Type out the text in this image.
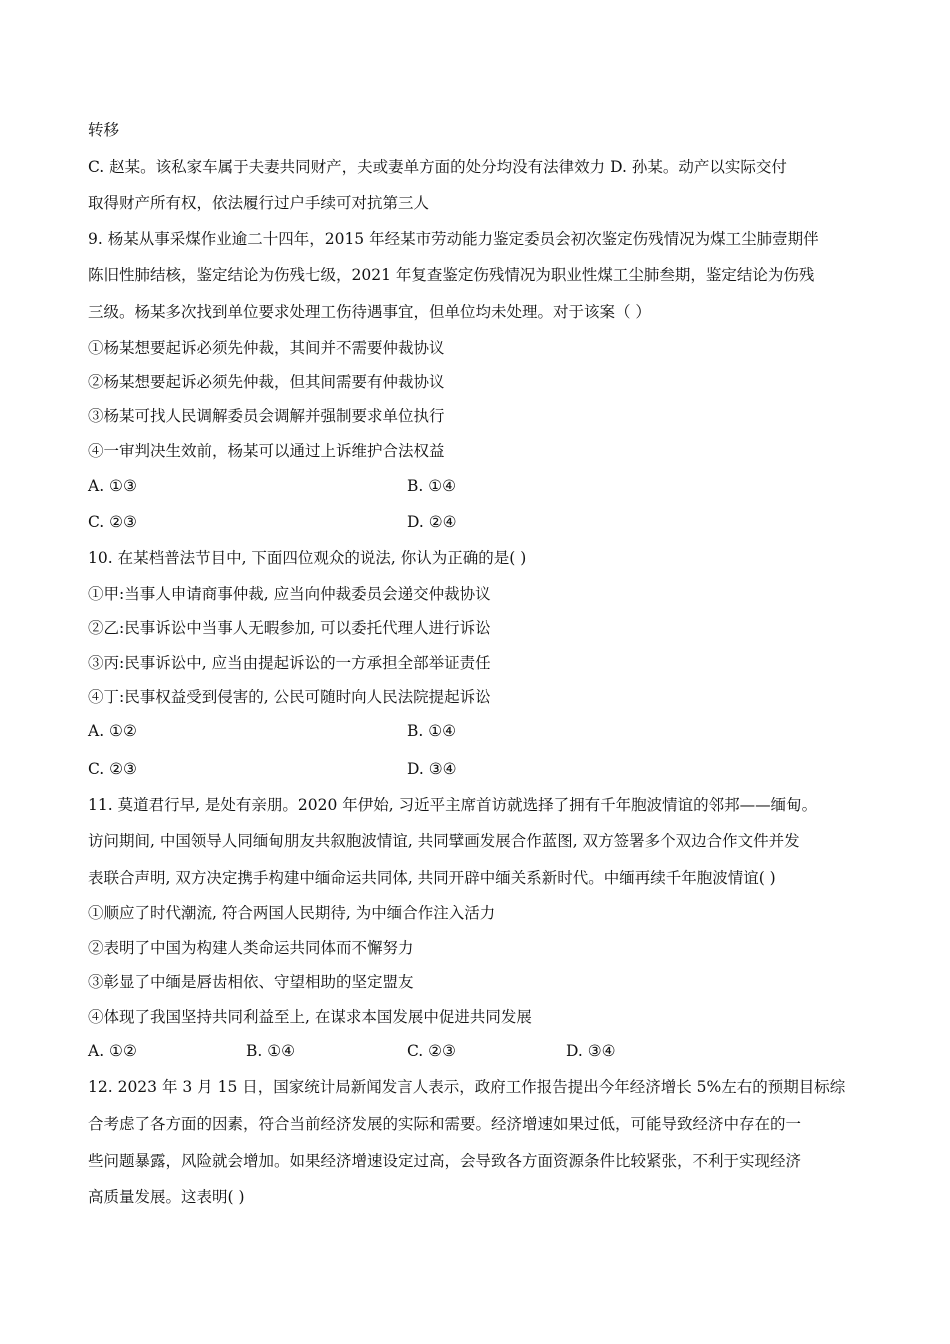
转移
C. 赵某。该私家车属于夫妻共同财产，夫或妻单方面的处分均没有法律效力 D. 孙某。动产以实际交付
取得财产所有权，依法履行过户手续可对抗第三人
9. 杨某从事采煤作业逾二十四年，2015 年经某市劳动能力鉴定委员会初次鉴定伤残情况为煤工尘肺壹期伴
陈旧性肺结核，鉴定结论为伤残七级，2021 年复查鉴定伤残情况为职业性煤工尘肺叁期，鉴定结论为伤残
三级。杨某多次找到单位要求处理工伤待遇事宜，但单位均未处理。对于该案（ ）
①杨某想要起诉必须先仲裁，其间并不需要仲裁协议
②杨某想要起诉必须先仲裁，但其间需要有仲裁协议
③杨某可找人民调解委员会调解并强制要求单位执行
④一审判决生效前，杨某可以通过上诉维护合法权益
A. ①③	B. ①④
C. ②③	D. ②④
10. 在某档普法节目中, 下面四位观众的说法, 你认为正确的是( )
①甲:当事人申请商事仲裁, 应当向仲裁委员会递交仲裁协议
②乙:民事诉讼中当事人无暇参加, 可以委托代理人进行诉讼
③丙:民事诉讼中, 应当由提起诉讼的一方承担全部举证责任
④丁:民事权益受到侵害的, 公民可随时向人民法院提起诉讼
A. ①②	B. ①④
C. ②③	D. ③④
11. 莫道君行早, 是处有亲朋。2020 年伊始, 习近平主席首访就选择了拥有千年胞波情谊的邻邦——缅甸。
访问期间, 中国领导人同缅甸朋友共叙胞波情谊, 共同擘画发展合作蓝图, 双方签署多个双边合作文件并发
表联合声明, 双方决定携手构建中缅命运共同体, 共同开辟中缅关系新时代。中缅再续千年胞波情谊( )
①顺应了时代潮流, 符合两国人民期待, 为中缅合作注入活力
②表明了中国为构建人类命运共同体而不懈努力
③彰显了中缅是唇齿相依、守望相助的坚定盟友
④体现了我国坚持共同利益至上, 在谋求本国发展中促进共同发展
A. ①②	B. ①④	C. ②③	D. ③④
12. 2023 年 3 月 15 日，国家统计局新闻发言人表示，政府工作报告提出今年经济增长 5%左右的预期目标综
合考虑了各方面的因素，符合当前经济发展的实际和需要。经济增速如果过低，可能导致经济中存在的一
些问题暴露，风险就会增加。如果经济增速设定过高，会导致各方面资源条件比较紧张，不利于实现经济
高质量发展。这表明( )
